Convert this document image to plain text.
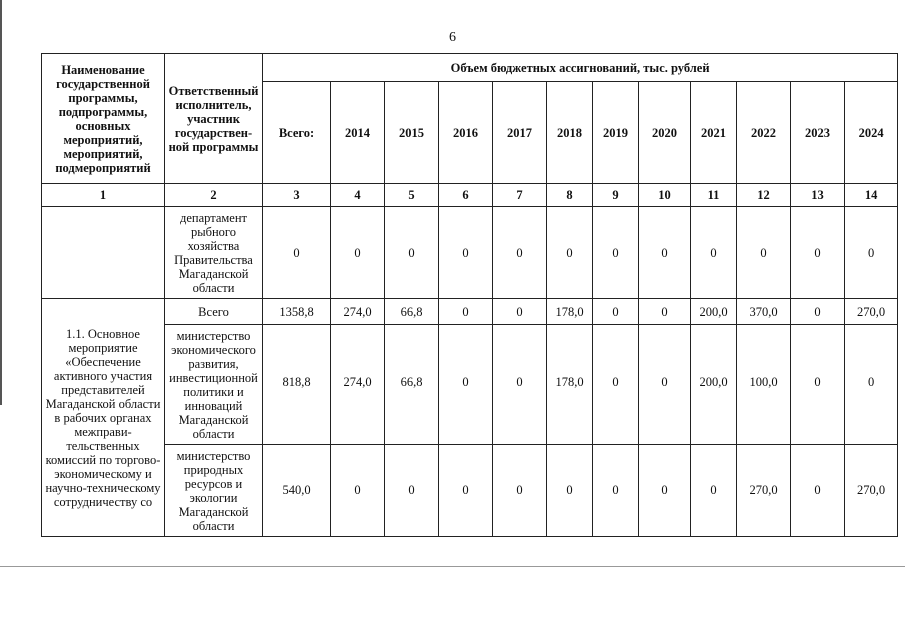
6
Наименование государственной программы, подпрограммы, основных мероприятий, мероприятий, подмероприятий	Ответственный исполнитель, участник государствен-ной программы	Объем бюджетных ассигнований, тыс. рублей											
		Всего:	2014	2015	2016	2017	2018	2019	2020	2021	2022	2023	2024
1	2	3	4	5	6	7	8	9	10	11	12	13	14
	департамент рыбного хозяйства Правительства Магаданской области	0	0	0	0	0	0	0	0	0	0	0	0
1.1. Основное мероприятие «Обеспечение активного участия представителей Магаданской области в рабочих органах межправи-тельственных комиссий по торгово-экономическому и научно-техническому сотрудничеству со	Всего	1358,8	274,0	66,8	0	0	178,0	0	0	200,0	370,0	0	270,0
	министерство экономического развития, инвестиционной политики и инноваций Магаданской области	818,8	274,0	66,8	0	0	178,0	0	0	200,0	100,0	0	0
	министерство природных ресурсов и экологии Магаданской области	540,0	0	0	0	0	0	0	0	0	270,0	0	270,0
